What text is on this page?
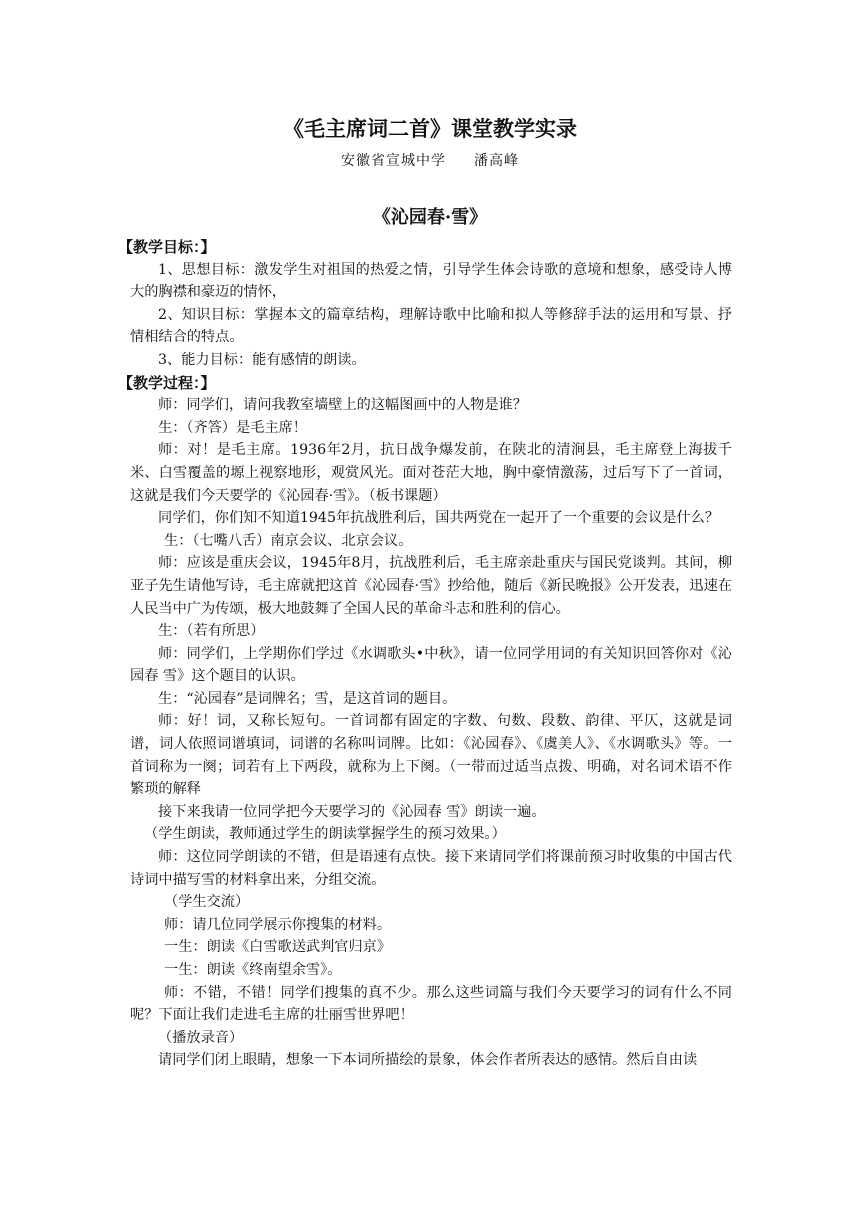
《毛主席词二首》课堂教学实录
安徽省宣城中学 潘高峰
《沁园春·雪》

【教学目标：】

1、思想目标：激发学生对祖国的热爱之情，引导学生体会诗歌的意境和想象，感受诗人博大的胸襟和豪迈的情怀，

2、知识目标：掌握本文的篇章结构，理解诗歌中比喻和拟人等修辞手法的运用和写景、抒情相结合的特点。

3、能力目标：能有感情的朗读。

【教学过程：】

师：同学们，请问我教室墙壁上的这幅图画中的人物是谁？

生：（齐答）是毛主席！

师：对！是毛主席。1936年2月，抗日战争爆发前，在陕北的清涧县，毛主席登上海拔千米、白雪覆盖的塬上视察地形，观赏风光。面对苍茫大地，胸中豪情激荡，过后写下了一首词，这就是我们今天要学的《沁园春·雪》。（板书课题）

同学们，你们知不知道1945年抗战胜利后，国共两党在一起开了一个重要的会议是什么？

生：（七嘴八舌）南京会议、北京会议。

师：应该是重庆会议，1945年8月，抗战胜利后，毛主席亲赴重庆与国民党谈判。其间，柳亚子先生请他写诗，毛主席就把这首《沁园春·雪》抄给他，随后《新民晚报》公开发表，迅速在人民当中广为传颂，极大地鼓舞了全国人民的革命斗志和胜利的信心。

生：（若有所思）

师：同学们，上学期你们学过《水调歌头•中秋》，请一位同学用词的有关知识回答你对《沁园春 雪》这个题目的认识。

生：“沁园春”是词牌名；雪，是这首词的题目。

师：好！词，又称长短句。一首词都有固定的字数、句数、段数、韵律、平仄，这就是词谱，词人依照词谱填词，词谱的名称叫词牌。比如：《沁园春》、《虞美人》、《水调歌头》等。一首词称为一阕；词若有上下两段，就称为上下阕。（一带而过适当点拨、明确，对名词术语不作繁琐的解释

接下来我请一位同学把今天要学习的《沁园春 雪》朗读一遍。

（学生朗读，教师通过学生的朗读掌握学生的预习效果。）

师：这位同学朗读的不错，但是语速有点快。接下来请同学们将课前预习时收集的中国古代诗词中描写雪的材料拿出来，分组交流。

（学生交流）

师：请几位同学展示你搜集的材料。

一生：朗读《白雪歌送武判官归京》

一生：朗读《终南望余雪》。

师：不错，不错！同学们搜集的真不少。那么这些词篇与我们今天要学习的词有什么不同呢？下面让我们走进毛主席的壮丽雪世界吧！

（播放录音）

请同学们闭上眼睛，想象一下本词所描绘的景象，体会作者所表达的感情。然后自由读
